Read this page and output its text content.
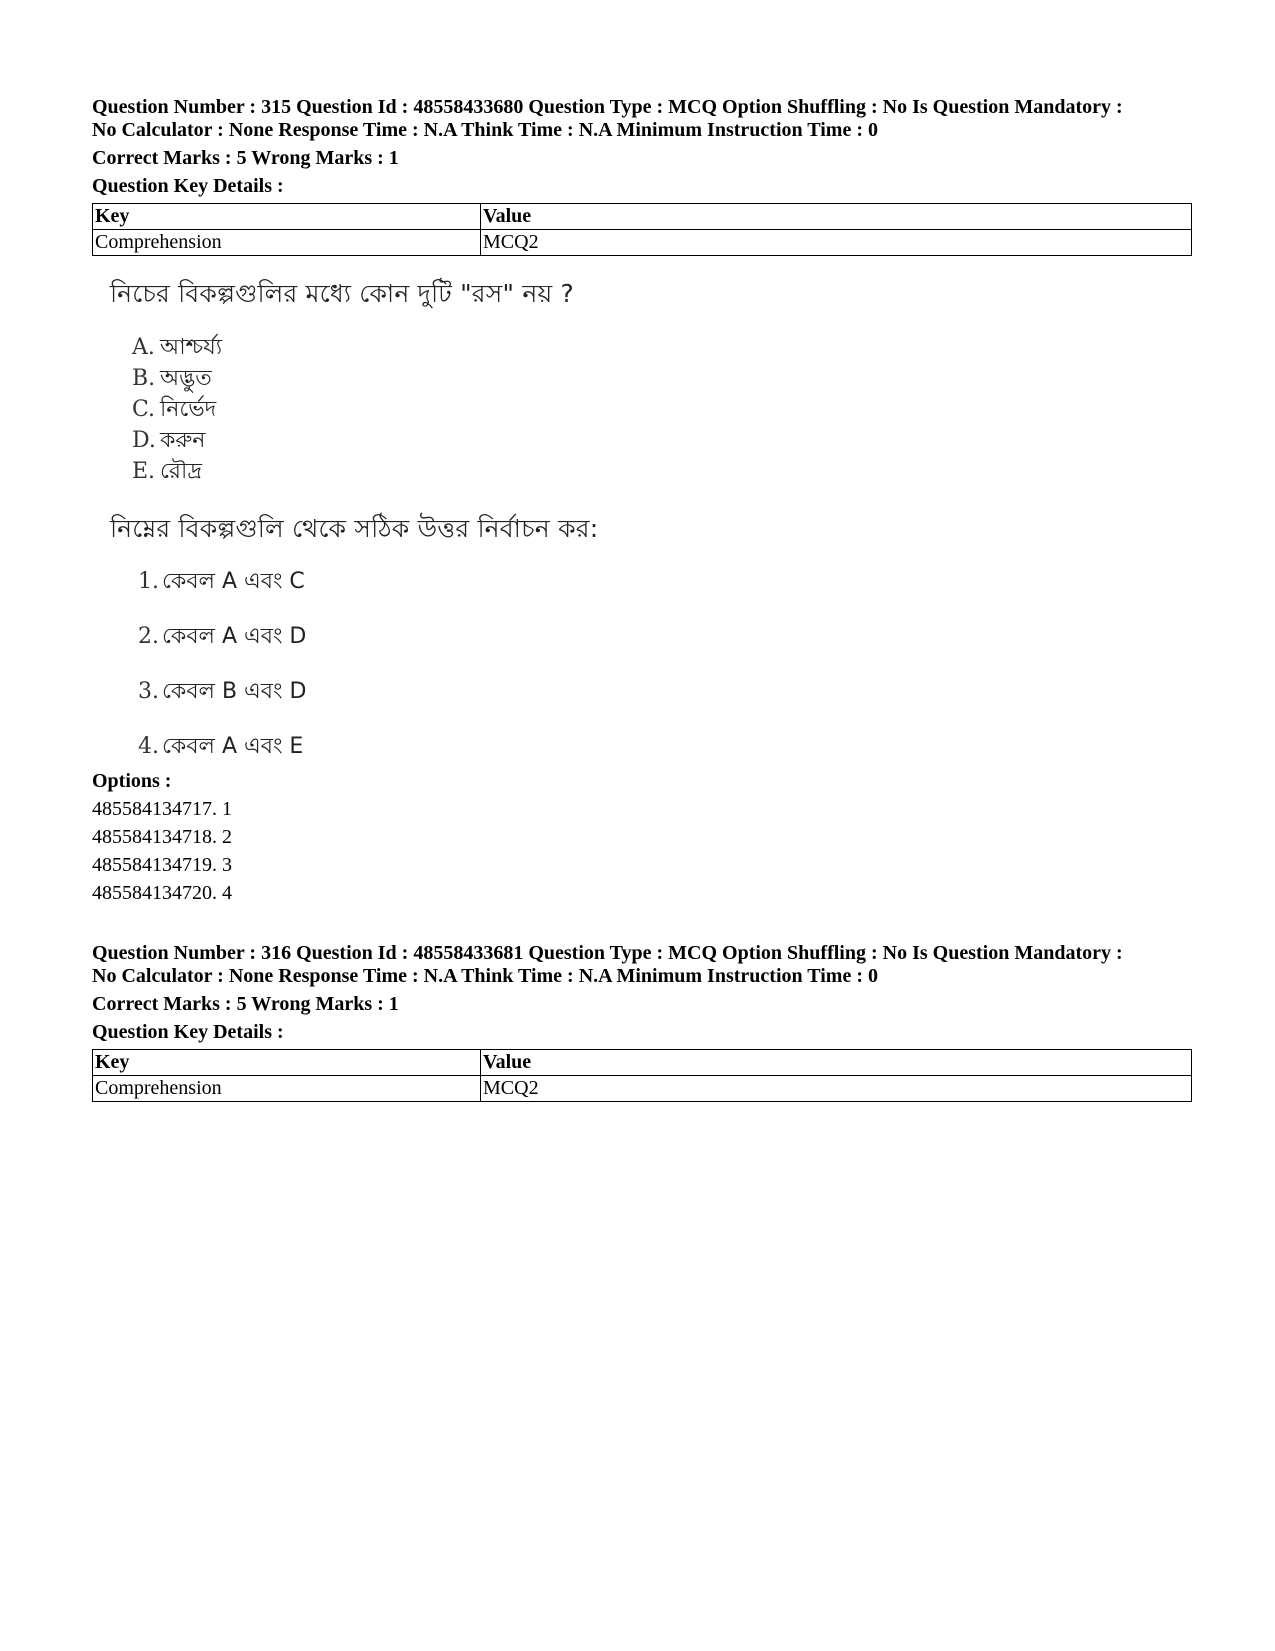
Question Number : 315 Question Id : 48558433680 Question Type : MCQ Option Shuffling : No Is Question Mandatory :

No Calculator : None Response Time : N.A Think Time : N.A Minimum Instruction Time : 0

Correct Marks : 5 Wrong Marks : 1

Question Key Details :

Key	Value
Comprehension	MCQ2

নিচের বিকল্পগুলির মধ্যে কোন দুটি "রস" নয় ?

A. আশ্চর্য্য

B. অদ্ভুত

C. নির্ভেদ

D. করুন

E. রৌদ্র

নিম্নের বিকল্পগুলি থেকে সঠিক উত্তর নির্বাচন কর:

1. কেবল A এবং C

2. কেবল A এবং D

3. কেবল B এবং D

4. কেবল A এবং E

Options :

485584134717. 1

485584134718. 2

485584134719. 3

485584134720. 4

Question Number : 316 Question Id : 48558433681 Question Type : MCQ Option Shuffling : No Is Question Mandatory :

No Calculator : None Response Time : N.A Think Time : N.A Minimum Instruction Time : 0

Correct Marks : 5 Wrong Marks : 1

Question Key Details :

Key	Value
Comprehension	MCQ2
